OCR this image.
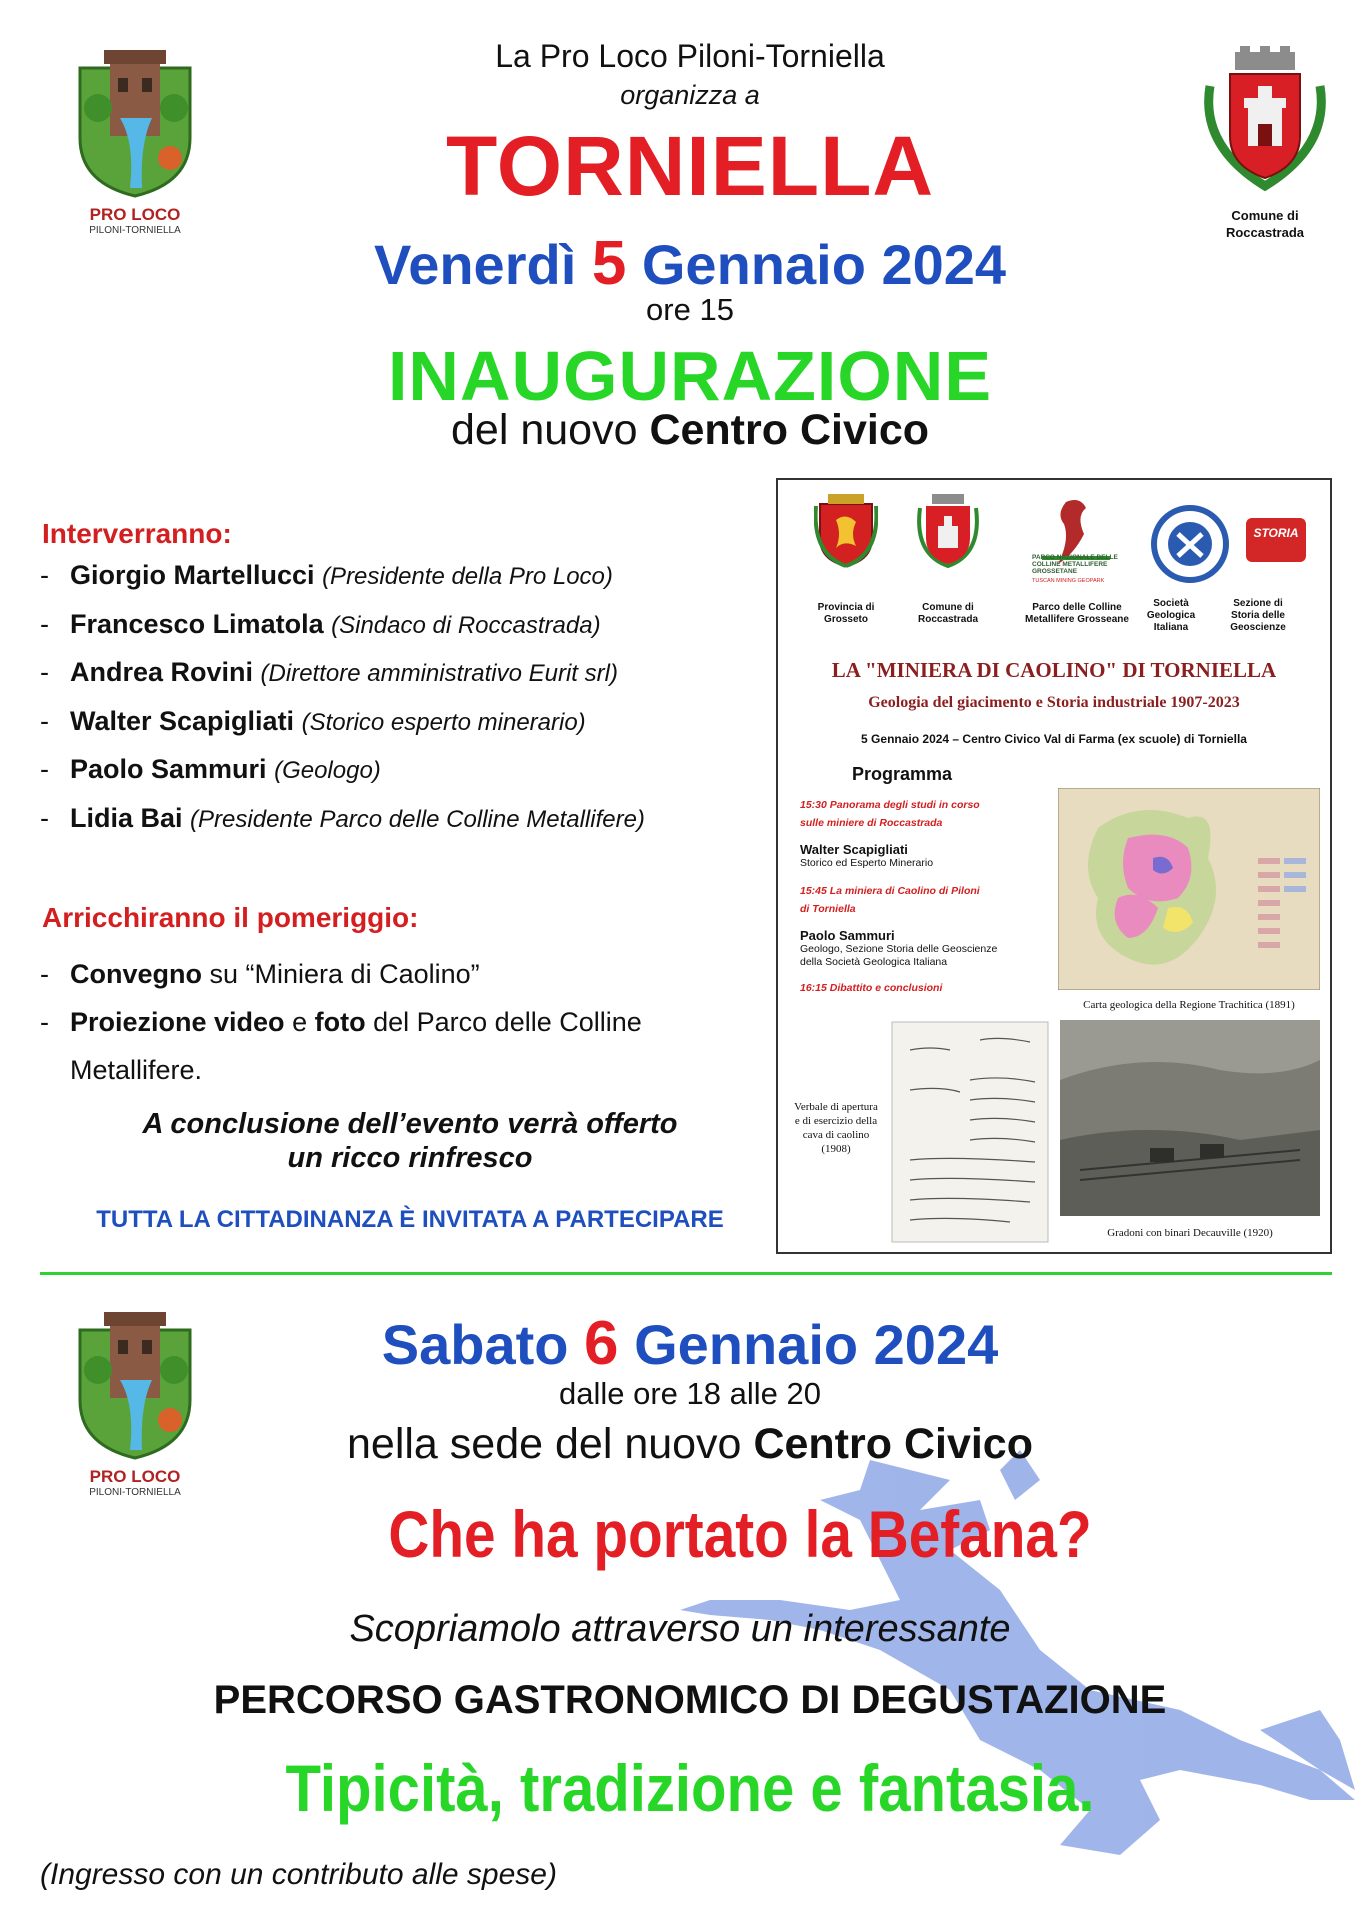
PRO LOCO
PILONI-TORNIELLA
Comune di
Roccastrada
La Pro Loco Piloni-Torniella
organizza a
TORNIELLA
Venerdì 5 Gennaio 2024
ore 15
INAUGURAZIONE
del nuovo Centro Civico
Interverranno:
- Giorgio Martellucci (Presidente della Pro Loco)
- Francesco Limatola (Sindaco di Roccastrada)
- Andrea Rovini (Direttore amministrativo Eurit srl)
- Walter Scapigliati (Storico esperto minerario)
- Paolo Sammuri (Geologo)
- Lidia Bai (Presidente Parco delle Colline Metallifere)
Arricchiranno il pomeriggio:
- Convegno su “Miniera di Caolino”
- Proiezione video e foto del Parco delle Colline
Metallifere.
A conclusione dell’evento verrà offerto
un ricco rinfresco
TUTTA LA CITTADINANZA È INVITATA A PARTECIPARE
PARCO NAZIONALE DELLE COLLINE METALLIFERE GROSSETANE
TUSCAN MINING GEOPARK
STORIA
Provincia di Grosseto
Comune di Roccastrada
Parco delle Colline Metallifere Grosseane
Società Geologica Italiana
Sezione di Storia delle Geoscienze
LA "MINIERA DI CAOLINO" DI TORNIELLA
Geologia del giacimento e Storia industriale 1907-2023
5 Gennaio 2024 – Centro Civico Val di Farma (ex scuole) di Torniella
Programma
15:30 Panorama degli studi in corso
sulle miniere di Roccastrada
Walter Scapigliati
Storico ed Esperto Minerario
15:45 La miniera di Caolino di Piloni
di Torniella
Paolo Sammuri
Geologo, Sezione Storia delle Geoscienze
della Società Geologica Italiana
16:15 Dibattito e conclusioni
Carta geologica della Regione Trachitica (1891)
Verbale di apertura
e di esercizio della
cava di caolino
(1908)
Gradoni con binari Decauville (1920)
PRO LOCO
PILONI-TORNIELLA
Sabato 6 Gennaio 2024
dalle ore 18 alle 20
nella sede del nuovo Centro Civico
Che ha portato la Befana?
Scopriamolo attraverso un interessante
PERCORSO GASTRONOMICO DI DEGUSTAZIONE
Tipicità, tradizione e fantasia.
(Ingresso con un contributo alle spese)
